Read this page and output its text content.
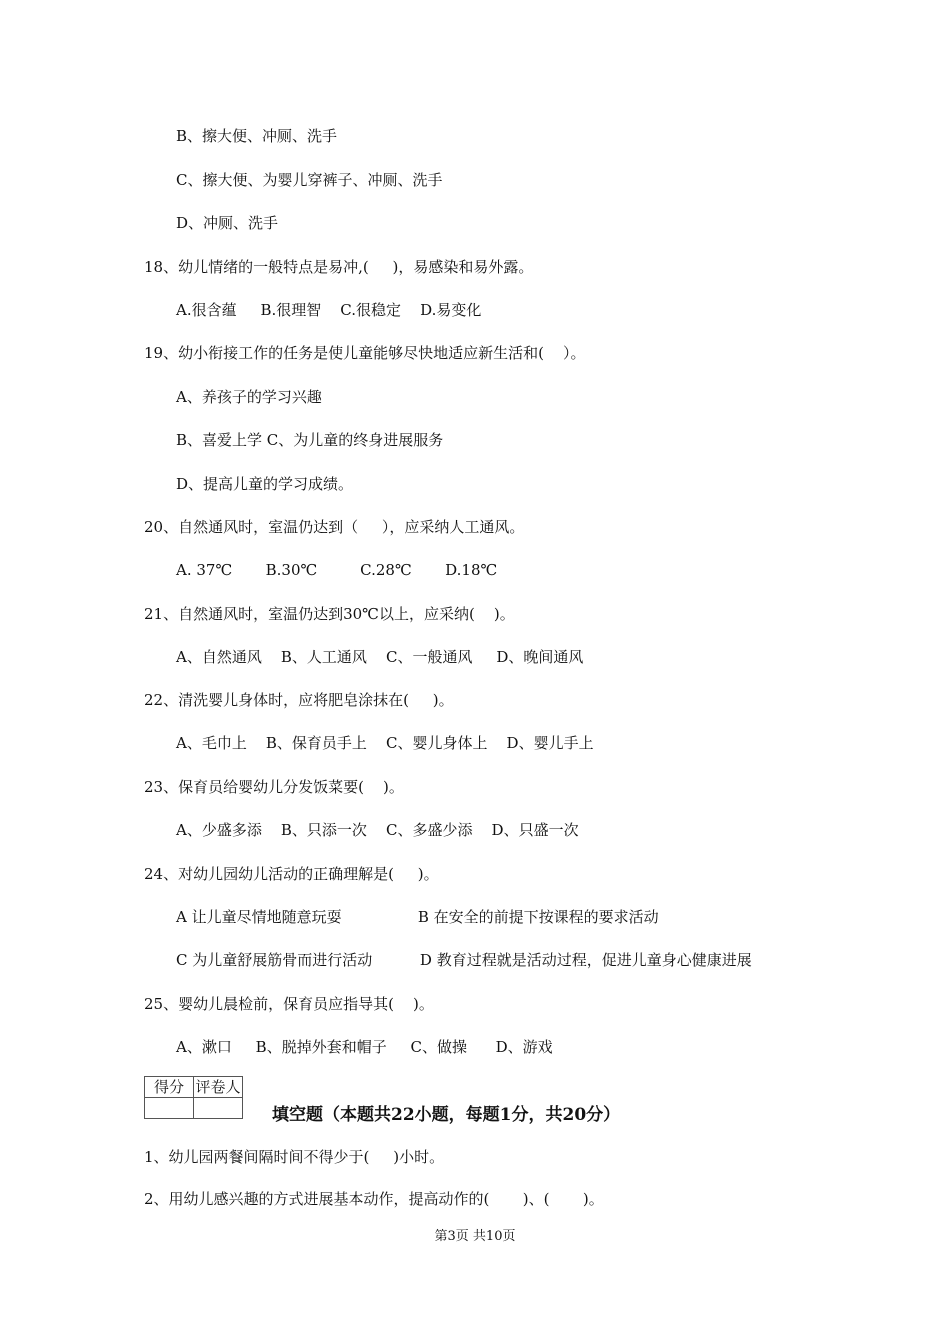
B、擦大便、冲厕、洗手
C、擦大便、为婴儿穿裤子、冲厕、洗手
D、冲厕、洗手
18、幼儿情绪的一般特点是易冲,(     )，易感染和易外露。
A.很含蕴     B.很理智    C.很稳定    D.易变化
19、幼小衔接工作的任务是使儿童能够尽快地适应新生活和(    ）。
A、养孩子的学习兴趣
B、喜爱上学 C、为儿童的终身进展服务
D、提高儿童的学习成绩。
20、自然通风时，室温仍达到（     ），应采纳人工通风。
A. 37℃       B.30℃         C.28℃       D.18℃
21、自然通风时，室温仍达到30℃以上，应采纳(    )。
A、自然通风    B、人工通风    C、一般通风     D、晚间通风
22、清洗婴儿身体时，应将肥皂涂抹在(     )。
A、毛巾上    B、保育员手上    C、婴儿身体上    D、婴儿手上
23、保育员给婴幼儿分发饭菜要(    )。
A、少盛多添    B、只添一次    C、多盛少添    D、只盛一次
24、对幼儿园幼儿活动的正确理解是(     )。
A 让儿童尽情地随意玩耍                B 在安全的前提下按课程的要求活动
C 为儿童舒展筋骨而进行活动          D 教育过程就是活动过程，促进儿童身心健康进展
25、婴幼儿晨检前，保育员应指导其(    )。
A、漱口     B、脱掉外套和帽子     C、做操      D、游戏
得分	评卷人

填空题（本题共22小题，每题1分，共20分）
1、幼儿园两餐间隔时间不得少于(     )小时。
2、用幼儿感兴趣的方式进展基本动作，提高动作的(       )、(       )。
第3页 共10页
